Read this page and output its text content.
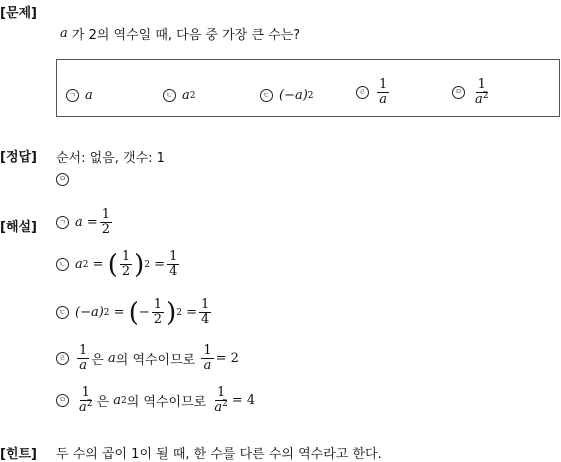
[문제]
[정답]
[해설]
[힌트]
a
가 2의 역수일 때, 다음 중 가장 큰 수는?
ㄱ a	ㄴ a 2	ㄷ (−a) 2	ㄹ $\frac{1}{a}$	ㅁ $\frac{1}{a^2}$
순서: 없음, 갯수: 1
ㅁ
ㄱ $a = \frac{1}{2}$
ㄴ a 2
=
( $\frac{1}{2}$ ) 2
= $\frac{1}{4}$
ㄷ (−a) 2
=
( − $\frac{1}{2}$ ) 2
= $\frac{1}{4}$
ㄹ $\frac{1}{a}$ 은
a 의 역수이므로
$\frac{1}{a} = 2$
ㅁ $\frac{1}{a^2}$ 은
a 2 의 역수이므로
$\frac{1}{a^2} = 4$
두 수의 곱이 1이 될 때, 한 수를 다른 수의 역수라고 한다.
